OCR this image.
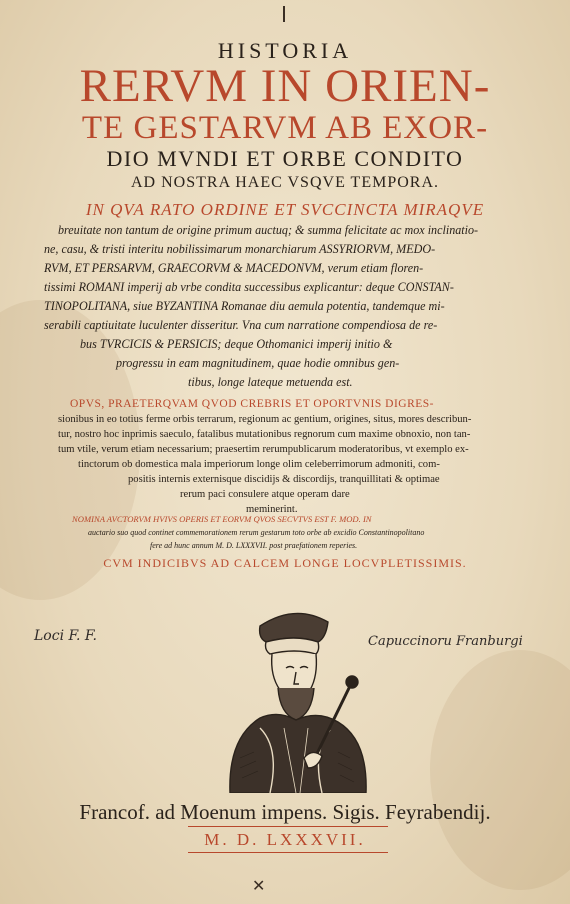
HISTORIA
RERVM IN ORIEN-
TE GESTARVM AB EXOR-
DIO MVNDI ET ORBE CONDITO
AD NOSTRA HAEC VSQVE TEMPORA.
IN QVA RATO ORDINE ET SVCCINCTA MIRAQVE
breuitate non tantum de origine primum auctuq; & summa felicitate ac mox inclinatio-
ne, casu, & tristi interitu nobilissimarum monarchiarum ASSYRIORVM, MEDO-
RVM, ET PERSARVM, GRAECORVM & MACEDONVM, verum etiam floren-
tissimi ROMANI imperij ab vrbe condita successibus explicantur: deque CONSTAN-
TINOPOLITANA, siue BYZANTINA Romanae diu aemula potentia, tandemque mi-
serabili captiuitate luculenter disseritur. Vna cum narratione compendiosa de re-
bus TVRCICIS & PERSICIS; deque Othomanici imperij initio &
progressu in eam magnitudinem, quae hodie omnibus gen-
tibus, longe lateque metuenda est.
OPVS, PRAETERQVAM QVOD CREBRIS ET OPORTVNIS DIGRES-
sionibus in eo totius ferme orbis terrarum, regionum ac gentium, origines, situs, mores describun-
tur, nostro hoc inprimis saeculo, fatalibus mutationibus regnorum cum maxime obnoxio, non tan-
tum vtile, verum etiam necessarium; praesertim rerumpublicarum moderatoribus, vt exemplo ex-
tinctorum ob domestica mala imperiorum longe olim celeberrimorum admoniti, com-
positis internis externisque discidijs & discordijs, tranquillitati & optimae
rerum paci consulere atque operam dare
meminerint.
NOMINA AVCTORVM HVIVS OPERIS ET EORVM QVOS SECVTVS EST F. MOD. IN
auctario suo quod continet commemorationem rerum gestarum toto orbe ab excidio Constantinopolitano
fere ad hunc annum M. D. LXXXVII. post praefationem reperies.
CVM INDICIBVS AD CALCEM LONGE LOCVPLETISSIMIS.
Loci F. F.	Capuccinoru Franburgi
Francof. ad Moenum impens. Sigis. Feyrabendij.
M. D. LXXXVII.
✕
